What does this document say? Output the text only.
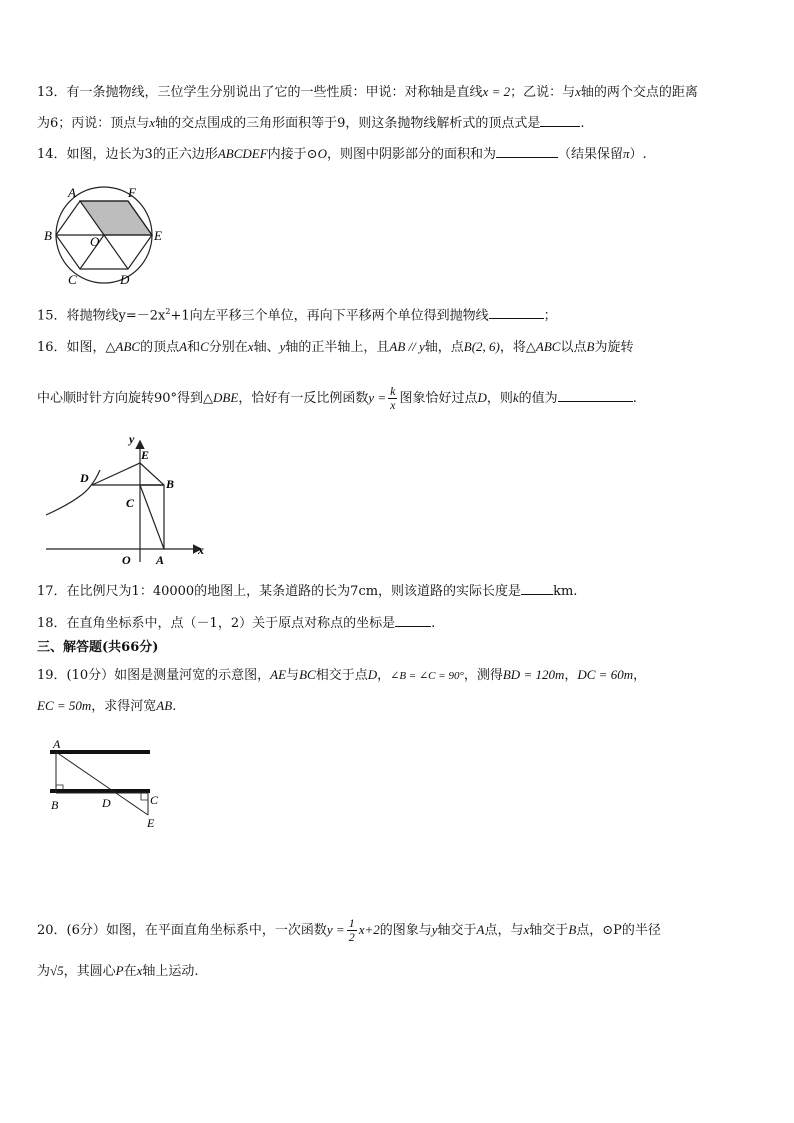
13．有一条抛物线，三位学生分别说出了它的一些性质：甲说：对称轴是直线x = 2；乙说：与x轴的两个交点的距离
为6；丙说：顶点与x轴的交点围成的三角形面积等于9，则这条抛物线解析式的顶点式是	.
14．如图，边长为3的正六边形ABCDEF内接于⊙O，则图中阴影部分的面积和为	（结果保留π）.
A	F
B	O	E
C	D
15．将抛物线$y=-2x^2+1$向左平移三个单位，再向下平移两个单位得到抛物线	；
16．如图，△ABC的顶点A和C分别在x轴、y轴的正半轴上，且AB // y轴，点B(2, 6)，将△ABC以点B为旋转
中心顺时针方向旋转90°得到△DBE，恰好有一反比例函数$y = \frac{k}{x}$ 图象恰好过点D，则k的值为	.
y
E
D	B
C
O A
x
17．在比例尺为1：40000的地图上，某条道路的长为7cm，则该道路的实际长度是 km.
18．在直角坐标系中，点（－1，2）关于原点对称点的坐标是	.
三、解答题(共66分)
19．(10分）如图是测量河宽的示意图，AE与BC相交于点D，∠B = ∠C = 90°，测得BD = 120m，DC = 60m，
EC = 50m，求得河宽AB.
A
B	D	C
E
20．(6分）如图，在平面直角坐标系中，一次函数$y = \frac{1}{2} x+2$的图象与y轴交于A点，与x轴交于B点，⊙P的半径
为√5，其圆心P在x轴上运动.
